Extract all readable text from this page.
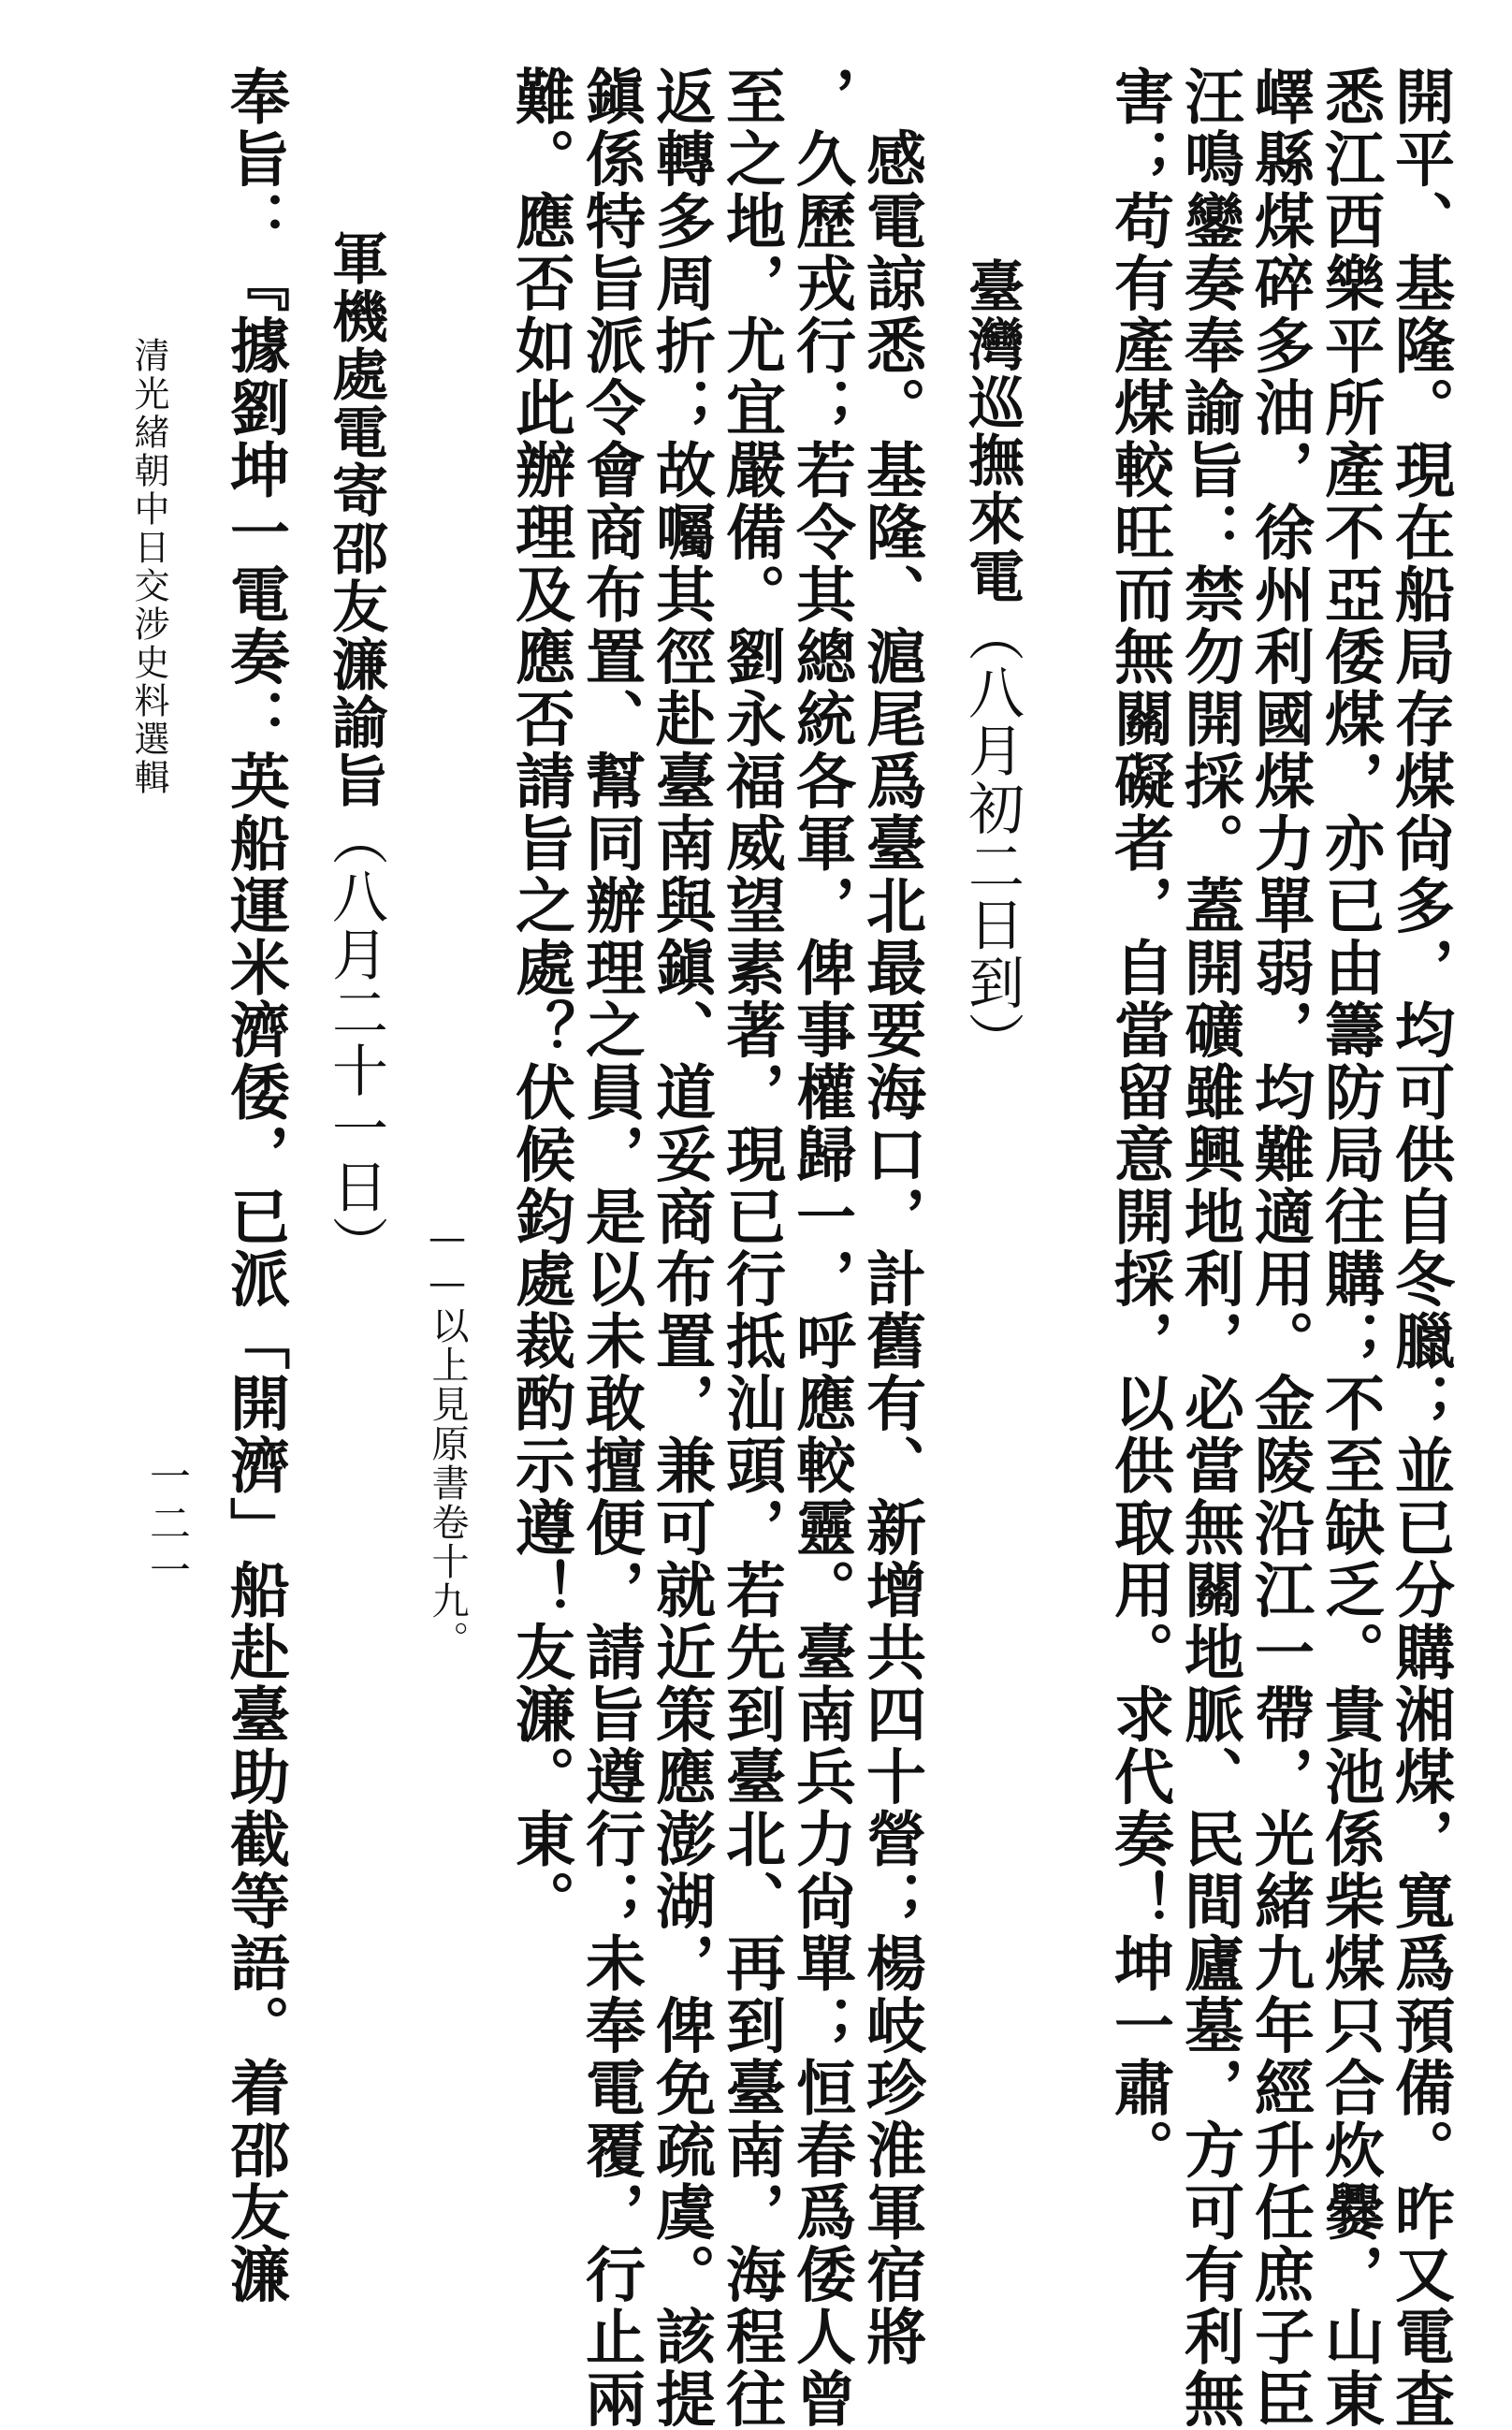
開平、基隆。現在船局存煤尙多，均可供自冬臘；並已分購湘煤，寬爲預備。昨又電査
悉江西樂平所產不亞倭煤，亦已由籌防局往購；不至缺乏。貴池係柴煤只合炊爨，山東
嶧縣煤碎多油，徐州利國煤力單弱，均難適用。金陵沿江一帶，光緒九年經升任庶子臣
汪鳴鑾奏奉諭旨：禁勿開採。蓋開礦雖興地利，必當無關地脈、民間廬墓，方可有利無
害；苟有產煤較旺而無關礙者，自當留意開採，以供取用。求代奏！坤一肅。
臺灣巡撫來電（八月初二日到）
　感電諒悉。基隆、滬尾爲臺北最要海口，計舊有、新增共四十營；楊岐珍淮軍宿將
，久歷戎行；若令其總統各軍，俾事權歸一，呼應較靈。臺南兵力尙單；恒春爲倭人曾
至之地，尤宜嚴備。劉永福威望素著，現已行抵汕頭，若先到臺北、再到臺南，海程往
返轉多周折；故囑其徑赴臺南與鎭、道妥商布置，兼可就近策應澎湖，俾免疏虞。該提
鎭係特旨派令會商布置、幫同辦理之員，是以未敢擅便，請旨遵行；未奉電覆，行止兩
難。應否如此辦理及應否請旨之處？伏候鈞處裁酌示遵！友濂。東。
——以上見原書卷十九。
軍機處電寄邵友濂諭旨（八月二十一日）
奉旨：『據劉坤一電奏：英船運米濟倭，已派「開濟」船赴臺助截等語。着邵友濂
一二一
清光緒朝中日交涉史料選輯
